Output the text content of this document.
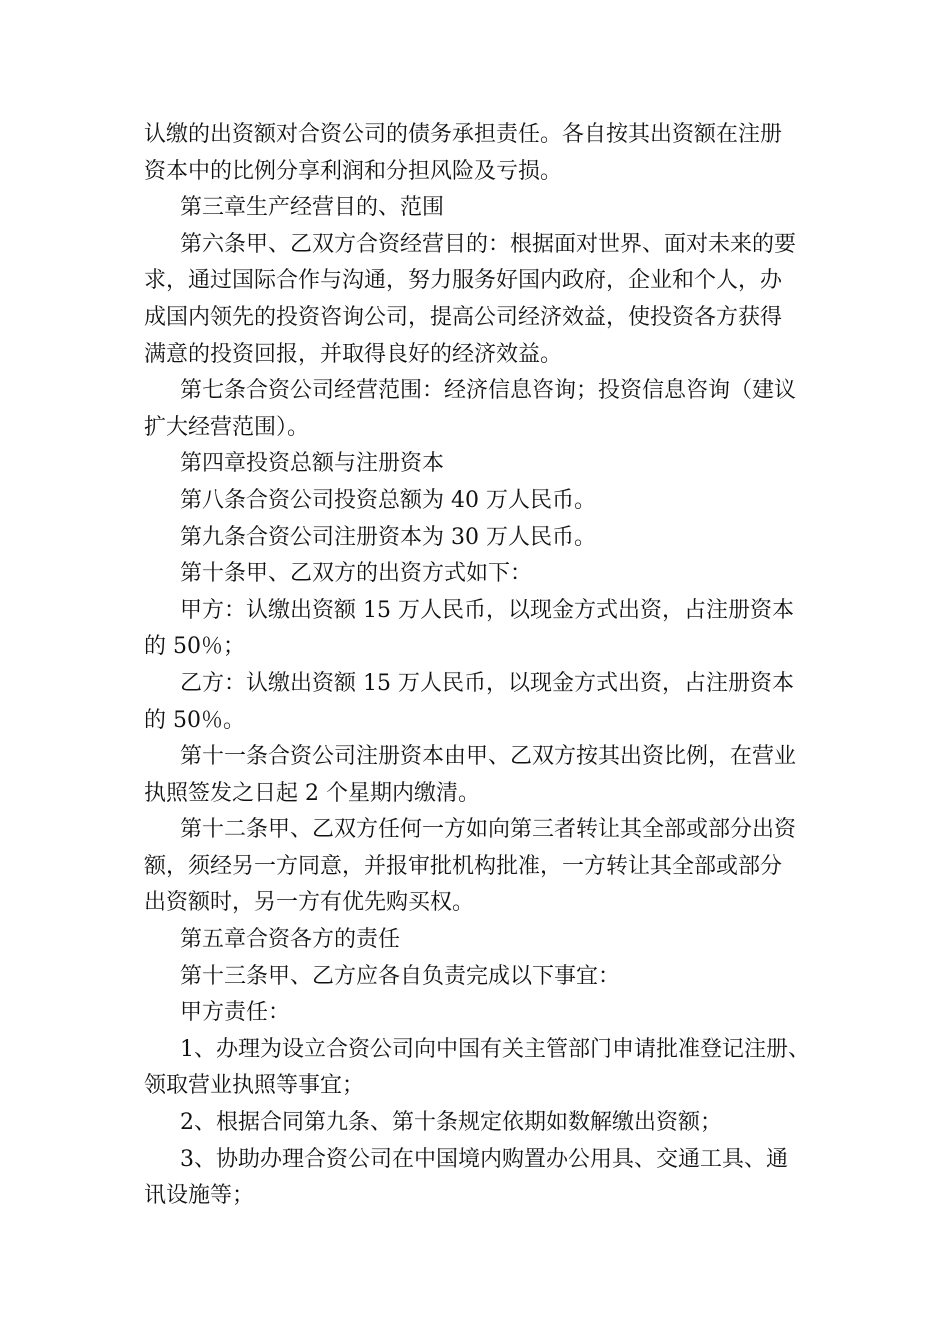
认缴的出资额对合资公司的债务承担责任。各自按其出资额在注册

资本中的比例分享利润和分担风险及亏损。

第三章生产经营目的、范围

第六条甲、乙双方合资经营目的：根据面对世界、面对未来的要

求，通过国际合作与沟通，努力服务好国内政府，企业和个人，办

成国内领先的投资咨询公司，提高公司经济效益，使投资各方获得

满意的投资回报，并取得良好的经济效益。

第七条合资公司经营范围：经济信息咨询；投资信息咨询（建议

扩大经营范围）。

第四章投资总额与注册资本

第八条合资公司投资总额为 40 万人民币。

第九条合资公司注册资本为 30 万人民币。

第十条甲、乙双方的出资方式如下：

甲方：认缴出资额 15 万人民币，以现金方式出资，占注册资本

的 50％；

乙方：认缴出资额 15 万人民币，以现金方式出资，占注册资本

的 50％。

第十一条合资公司注册资本由甲、乙双方按其出资比例，在营业

执照签发之日起 2 个星期内缴清。

第十二条甲、乙双方任何一方如向第三者转让其全部或部分出资

额，须经另一方同意，并报审批机构批准，一方转让其全部或部分

出资额时，另一方有优先购买权。

第五章合资各方的责任

第十三条甲、乙方应各自负责完成以下事宜：

甲方责任：

1、办理为设立合资公司向中国有关主管部门申请批准登记注册、

领取营业执照等事宜；

2、根据合同第九条、第十条规定依期如数解缴出资额；

3、协助办理合资公司在中国境内购置办公用具、交通工具、通

讯设施等；
